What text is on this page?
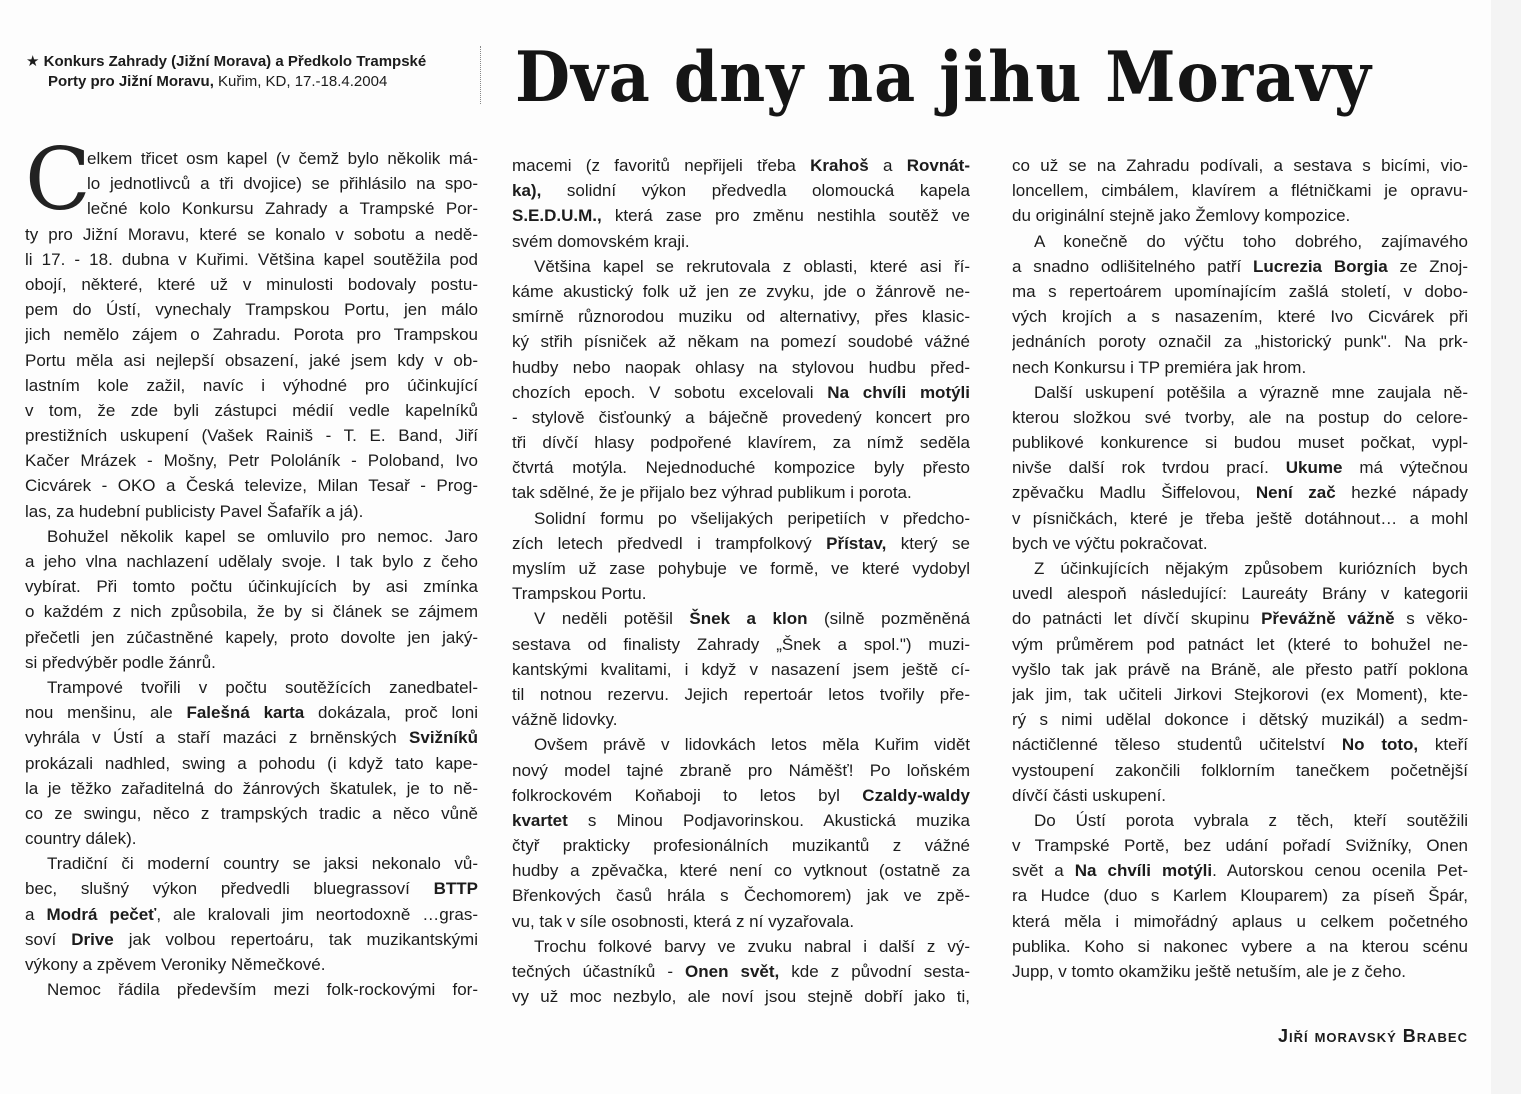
★ Konkurs Zahrady (Jižní Morava) a Předkolo Trampské
Porty pro Jižní Moravu, Kuřim, KD, 17.-18.4.2004	Dva dny na jihu Moravy
C
elkem třicet osm kapel (v čemž bylo několik má-
lo jednotlivců a tři dvojice) se přihlásilo na spo-
lečné kolo Konkursu Zahrady a Trampské Por-
ty pro Jižní Moravu, které se konalo v sobotu a nedě-
li 17. - 18. dubna v Kuřimi. Většina kapel soutěžila pod
obojí, některé, které už v minulosti bodovaly postu-
pem do Ústí, vynechaly Trampskou Portu, jen málo
jich nemělo zájem o Zahradu. Porota pro Trampskou
Portu měla asi nejlepší obsazení, jaké jsem kdy v ob-
lastním kole zažil, navíc i výhodné pro účinkující
v tom, že zde byli zástupci médií vedle kapelníků
prestižních uskupení (Vašek Rainiš - T. E. Band, Jiří
Kačer Mrázek - Mošny, Petr Pololáník - Poloband, Ivo
Cicvárek - OKO a Česká televize, Milan Tesař - Prog-
las, za hudební publicisty Pavel Šafařík a já).
Bohužel několik kapel se omluvilo pro nemoc. Jaro
a jeho vlna nachlazení udělaly svoje. I tak bylo z čeho
vybírat. Při tomto počtu účinkujících by asi zmínka
o každém z nich způsobila, že by si článek se zájmem
přečetli jen zúčastněné kapely, proto dovolte jen jaký-
si předvýběr podle žánrů.
Trampové tvořili v počtu soutěžících zanedbatel-
nou menšinu, ale Falešná karta dokázala, proč loni
vyhrála v Ústí a staří mazáci z brněnských Svižníků
prokázali nadhled, swing a pohodu (i když tato kape-
la je těžko zařaditelná do žánrových škatulek, je to ně-
co ze swingu, něco z trampských tradic a něco vůně
country dálek).
Tradiční či moderní country se jaksi nekonalo vů-
bec, slušný výkon předvedli bluegrassoví BTTP
a Modrá pečeť, ale kralovali jim neortodoxně …gras-
soví Drive jak volbou repertoáru, tak muzikantskými
výkony a zpěvem Veroniky Němečkové.
Nemoc řádila především mezi folk-rockovými for-
macemi (z favoritů nepřijeli třeba Krahoš a Rovnát-
ka), solidní výkon předvedla olomoucká kapela
S.E.D.U.M., která zase pro změnu nestihla soutěž ve
svém domovském kraji.
Většina kapel se rekrutovala z oblasti, které asi ří-
káme akustický folk už jen ze zvyku, jde o žánrově ne-
smírně různorodou muziku od alternativy, přes klasic-
ký střih písniček až někam na pomezí soudobé vážné
hudby nebo naopak ohlasy na stylovou hudbu před-
chozích epoch. V sobotu excelovali Na chvíli motýli
- stylově čisťounký a báječně provedený koncert pro
tři dívčí hlasy podpořené klavírem, za nímž seděla
čtvrtá motýla. Nejednoduché kompozice byly přesto
tak sdělné, že je přijalo bez výhrad publikum i porota.
Solidní formu po všelijakých peripetiích v předcho-
zích letech předvedl i trampfolkový Přístav, který se
myslím už zase pohybuje ve formě, ve které vydobyl
Trampskou Portu.
V neděli potěšil Šnek a klon (silně pozměněná
sestava od finalisty Zahrady „Šnek a spol.") muzi-
kantskými kvalitami, i když v nasazení jsem ještě cí-
til notnou rezervu. Jejich repertoár letos tvořily pře-
vážně lidovky.
Ovšem právě v lidovkách letos měla Kuřim vidět
nový model tajné zbraně pro Náměšť! Po loňském
folkrockovém Koňaboji to letos byl Czaldy-waldy
kvartet s Minou Podjavorinskou. Akustická muzika
čtyř prakticky profesionálních muzikantů z vážné
hudby a zpěvačka, které není co vytknout (ostatně za
Břenkových časů hrála s Čechomorem) jak ve zpě-
vu, tak v síle osobnosti, která z ní vyzařovala.
Trochu folkové barvy ve zvuku nabral i další z vý-
tečných účastníků - Onen svět, kde z původní sesta-
vy už moc nezbylo, ale noví jsou stejně dobří jako ti,
co už se na Zahradu podívali, a sestava s bicími, vio-
loncellem, cimbálem, klavírem a flétničkami je opravu-
du originální stejně jako Žemlovy kompozice.
A konečně do výčtu toho dobrého, zajímavého
a snadno odlišitelného patří Lucrezia Borgia ze Znoj-
ma s repertoárem upomínajícím zašlá století, v dobo-
vých krojích a s nasazením, které Ivo Cicvárek při
jednáních poroty označil za „historický punk". Na prk-
nech Konkursu i TP premiéra jak hrom.
Další uskupení potěšila a výrazně mne zaujala ně-
kterou složkou své tvorby, ale na postup do celore-
publikové konkurence si budou muset počkat, vypl-
nivše další rok tvrdou prací. Ukume má výtečnou
zpěvačku Madlu Šiffelovou, Není zač hezké nápady
v písničkách, které je třeba ještě dotáhnout… a mohl
bych ve výčtu pokračovat.
Z účinkujících nějakým způsobem kuriózních bych
uvedl alespoň následující: Laureáty Brány v kategorii
do patnácti let dívčí skupinu Převážně vážně s věko-
vým průměrem pod patnáct let (které to bohužel ne-
vyšlo tak jak právě na Bráně, ale přesto patří poklona
jak jim, tak učiteli Jirkovi Stejkorovi (ex Moment), kte-
rý s nimi udělal dokonce i dětský muzikál) a sedm-
náctičlenné těleso studentů učitelství No toto, kteří
vystoupení zakončili folklorním tanečkem početnější
dívčí části uskupení.
Do Ústí porota vybrala z těch, kteří soutěžili
v Trampské Portě, bez udání pořadí Svižníky, Onen
svět a Na chvíli motýli. Autorskou cenou ocenila Pet-
ra Hudce (duo s Karlem Klouparem) za píseň Špár,
která měla i mimořádný aplaus u celkem početného
publika. Koho si nakonec vybere a na kterou scénu
Jupp, v tomto okamžiku ještě netuším, ale je z čeho.
Jiří moravský Brabec
